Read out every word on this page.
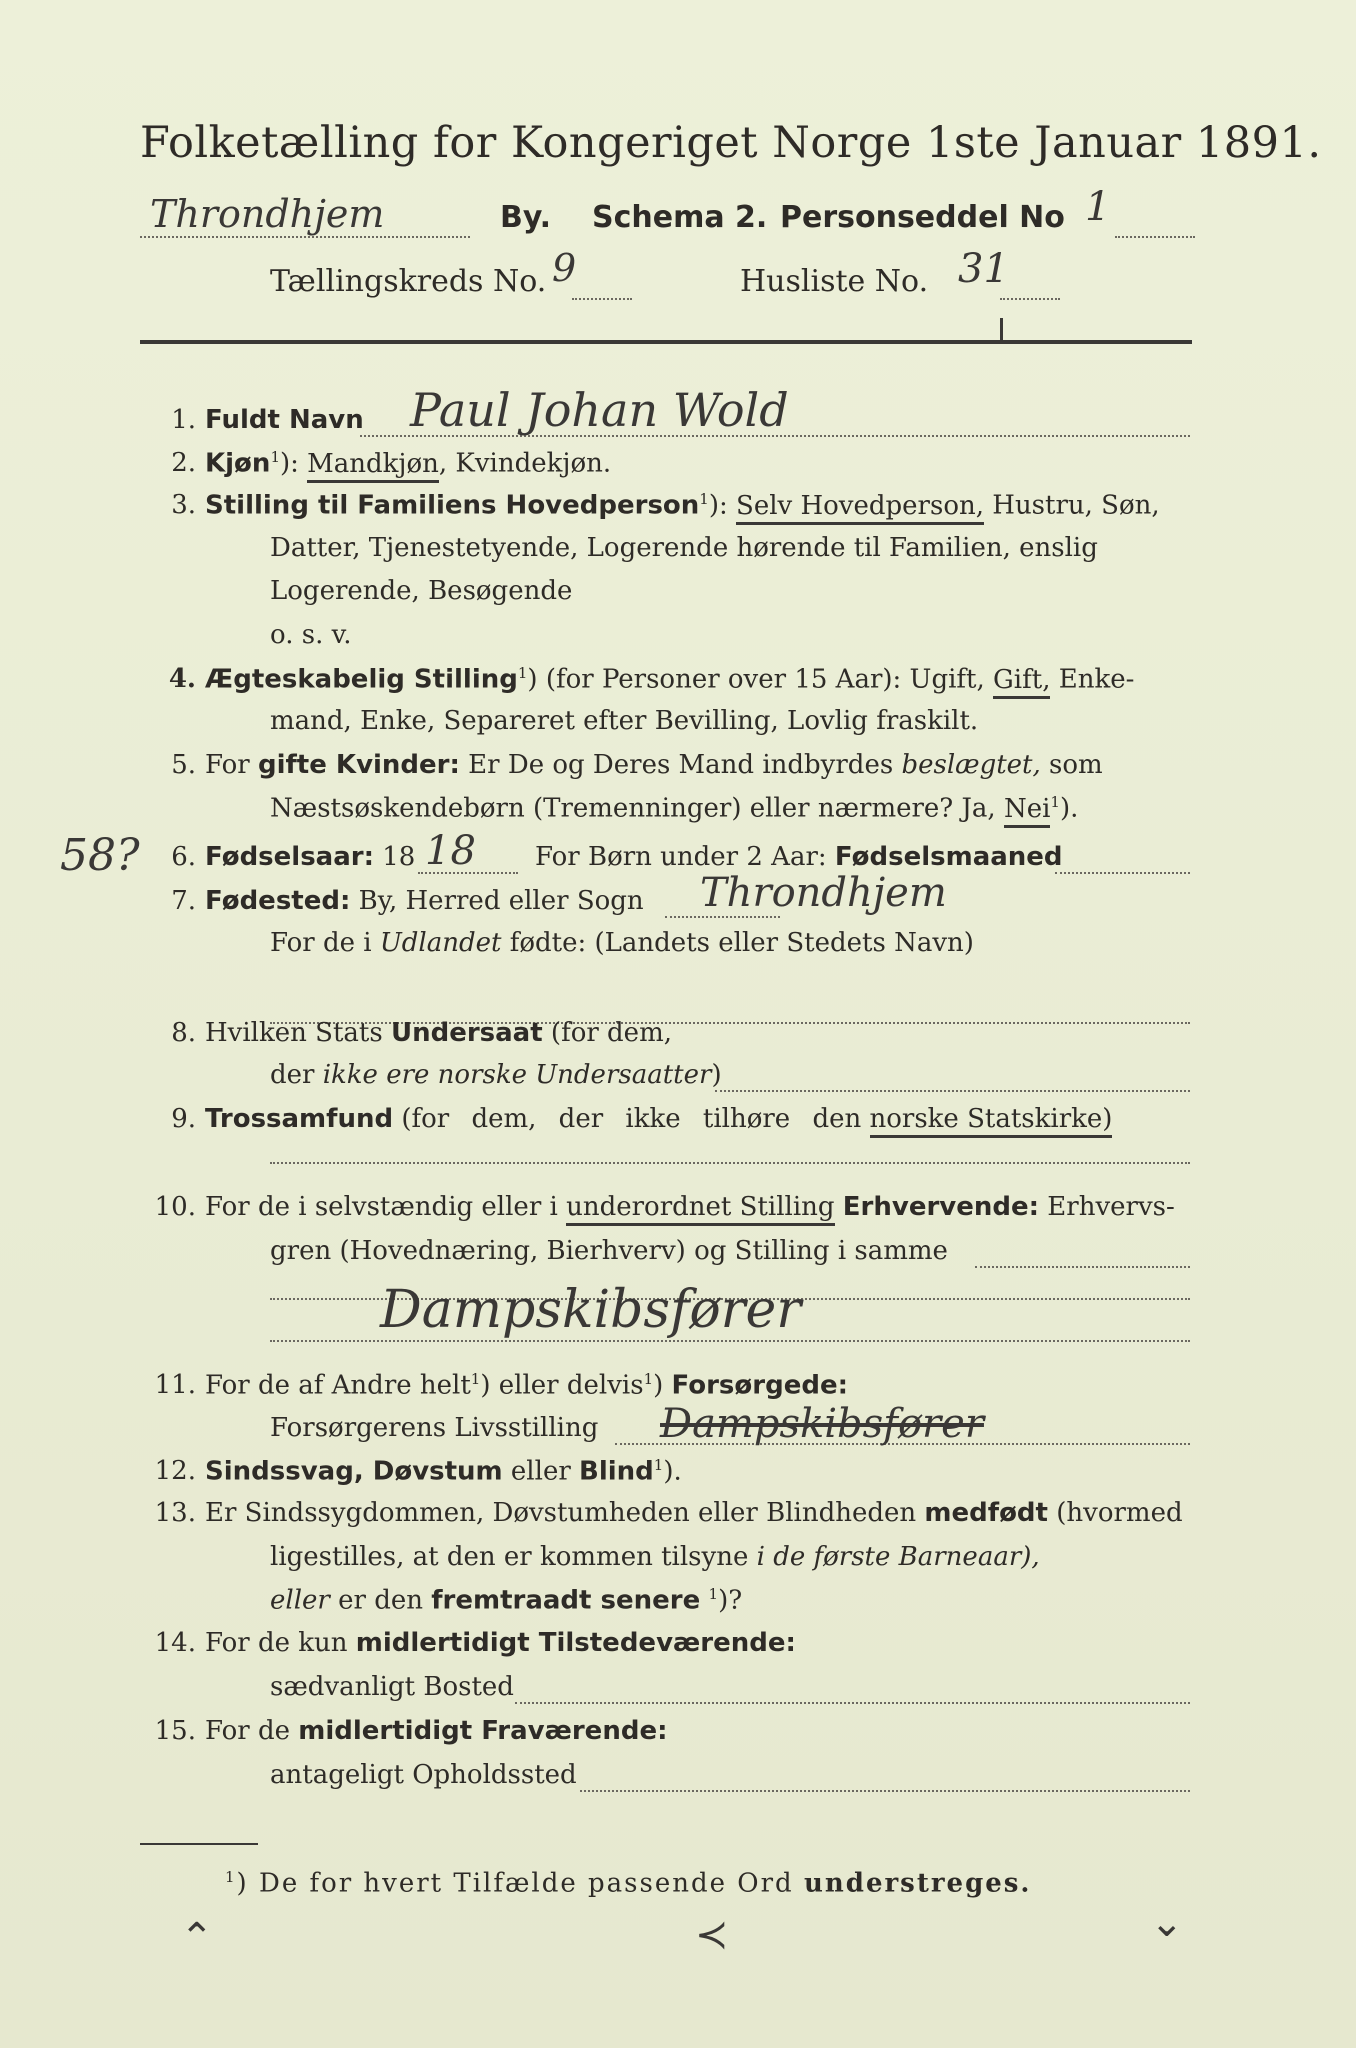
Folketælling for Kongeriget Norge 1ste Januar 1891.
Throndhjem	By. Schema 2. Personseddel No 1
Tællingskreds No. 9	Husliste No. 31
1. Fuldt Navn Paul Johan Wold
2. Kjøn$^1$): Mandkjøn, Kvindekjøn.
3. Stilling til Familiens Hovedperson$^1$): Selv Hovedperson, Hustru, Søn,
Datter, Tjenestetyende, Logerende hørende til Familien, enslig
Logerende, Besøgende
o. s. v.
4. Ægteskabelig Stilling$^1$) (for Personer over 15 Aar): Ugift, Gift, Enke-
mand, Enke, Separeret efter Bevilling, Lovlig fraskilt.
5. For gifte Kvinder: Er De og Deres Mand indbyrdes beslægtet, som
Næstsøskendebørn (Tremenninger) eller nærmere? Ja, Nei$^1$).
58?	6. Fødselsaar: 18 18 For Børn under 2 Aar: Fødselsmaaned
7. Fødested: By, Herred eller Sogn Throndhjem
For de i Udlandet fødte: (Landets eller Stedets Navn)
8. Hvilken Stats Undersaat (for dem,
der ikke ere norske Undersaatter)
9. Trossamfund (for dem, der ikke tilhøre den norske Statskirke)
10. For de i selvstændig eller i underordnet Stilling Erhvervende: Erhvervs-
gren (Hovednæring, Bierhverv) og Stilling i samme
Dampskibsfører
11. For de af Andre helt$^1$) eller delvis$^1$) Forsørgede:
Forsørgerens Livsstilling Dampskibsfører
12. Sindssvag, Døvstum eller Blind$^1$).
13. Er Sindssygdommen, Døvstumheden eller Blindheden medfødt (hvormed
ligestilles, at den er kommen tilsyne i de første Barneaar),
eller er den fremtraadt senere $^1$)?
14. For de kun midlertidigt Tilstedeværende:
sædvanligt Bosted
15. For de midlertidigt Fraværende:
antageligt Opholdssted
$^1$) De for hvert Tilfælde passende Ord understreges.
⌃	≺	⌄
